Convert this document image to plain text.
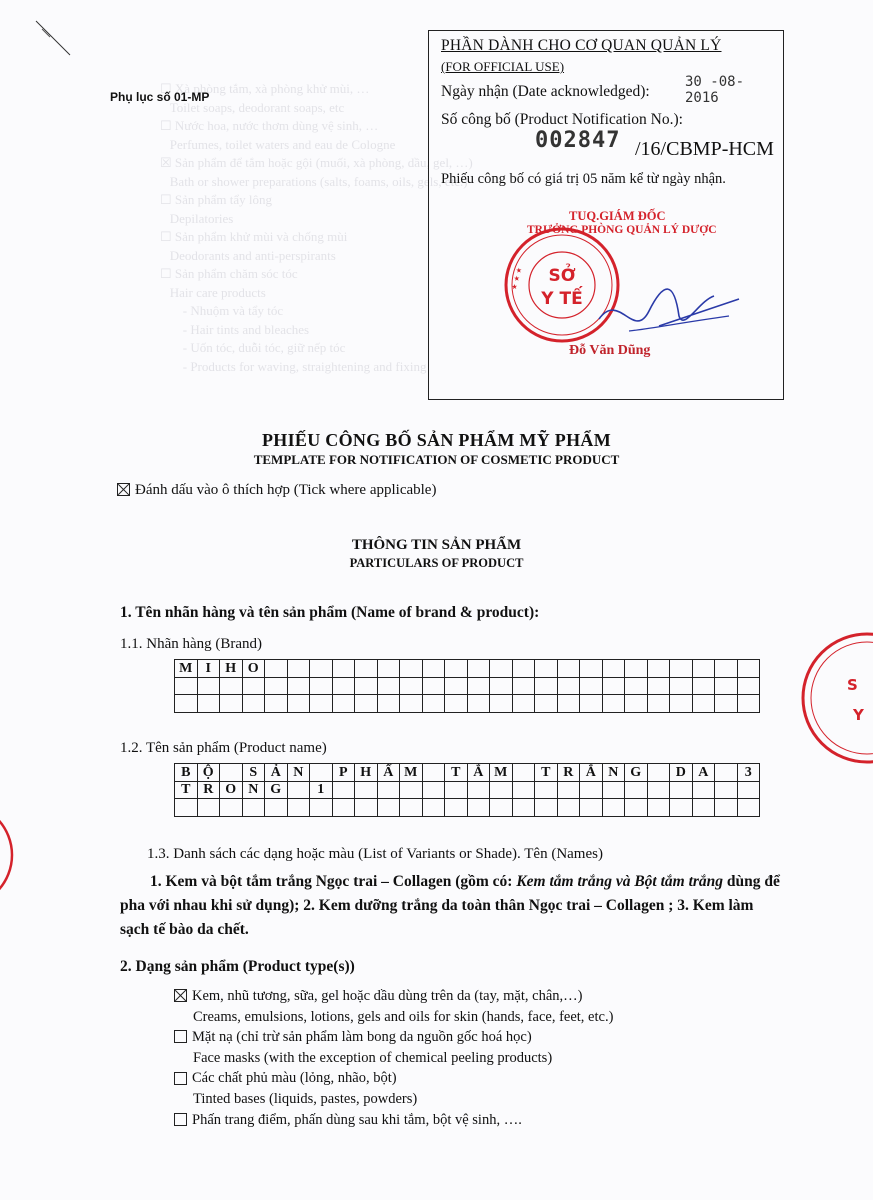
☐ Xà phòng tắm, xà phòng khử mùi, …
Toilet soaps, deodorant soaps, etc
☐ Nước hoa, nước thơm dùng vệ sinh, …
Perfumes, toilet waters and eau de Cologne
☒ Sản phẩm để tắm hoặc gội (muối, xà phòng, dầu, gel, …)
Bath or shower preparations (salts, foams, oils, gels, etc.)
☐ Sản phẩm tẩy lông
Depilatories
☐ Sản phẩm khử mùi và chống mùi
Deodorants and anti-perspirants
☐ Sản phẩm chăm sóc tóc
Hair care products
- Nhuộm và tẩy tóc
- Hair tints and bleaches
- Uốn tóc, duỗi tóc, giữ nếp tóc
- Products for waving, straightening and fixing
Phụ lục số 01-MP
PHẦN DÀNH CHO CƠ QUAN QUẢN LÝ
(FOR OFFICIAL USE)
Ngày nhận (Date acknowledged):
30 -08- 2016
Số công bố (Product Notification No.):
002847 /16/CBMP-HCM
Phiếu công bố có giá trị 05 năm kể từ ngày nhận.
TUQ.GIÁM ĐỐC
TRƯỞNG PHÒNG QUẢN LÝ DƯỢC
SỞ
Y TẾ
★ ★ ★
Đỗ Văn Dũng
S
Y
PHIẾU CÔNG BỐ SẢN PHẨM MỸ PHẨM
TEMPLATE FOR NOTIFICATION OF COSMETIC PRODUCT
Đánh dấu vào ô thích hợp (Tick where applicable)
THÔNG TIN SẢN PHẨM
PARTICULARS OF PRODUCT
1. Tên nhãn hàng và tên sản phẩm (Name of brand & product):
1.1. Nhãn hàng (Brand)
M	I	H	O																						

1.2. Tên sản phẩm (Product name)
B	Ộ		S	Ả	N		P	H	Ẩ	M		T	Ắ	M		T	R	Ắ	N	G		D	A		3
T	R	O	N	G		1																			

1.3. Danh sách các dạng hoặc màu (List of Variants or Shade). Tên (Names)
1. Kem và bột tắm trắng Ngọc trai – Collagen (gồm có: Kem tắm trắng và Bột tắm trắng dùng để pha với nhau khi sử dụng); 2. Kem dưỡng trắng da toàn thân Ngọc trai – Collagen ; 3. Kem làm sạch tế bào da chết.
2. Dạng sản phẩm (Product type(s))
Kem, nhũ tương, sữa, gel hoặc dầu dùng trên da (tay, mặt, chân,…)
Creams, emulsions, lotions, gels and oils for skin (hands, face, feet, etc.)
Mặt nạ (chỉ trừ sản phẩm làm bong da nguồn gốc hoá học)
Face masks (with the exception of chemical peeling products)
Các chất phủ màu (lỏng, nhão, bột)
Tinted bases (liquids, pastes, powders)
Phấn trang điểm, phấn dùng sau khi tắm, bột vệ sinh, ….
